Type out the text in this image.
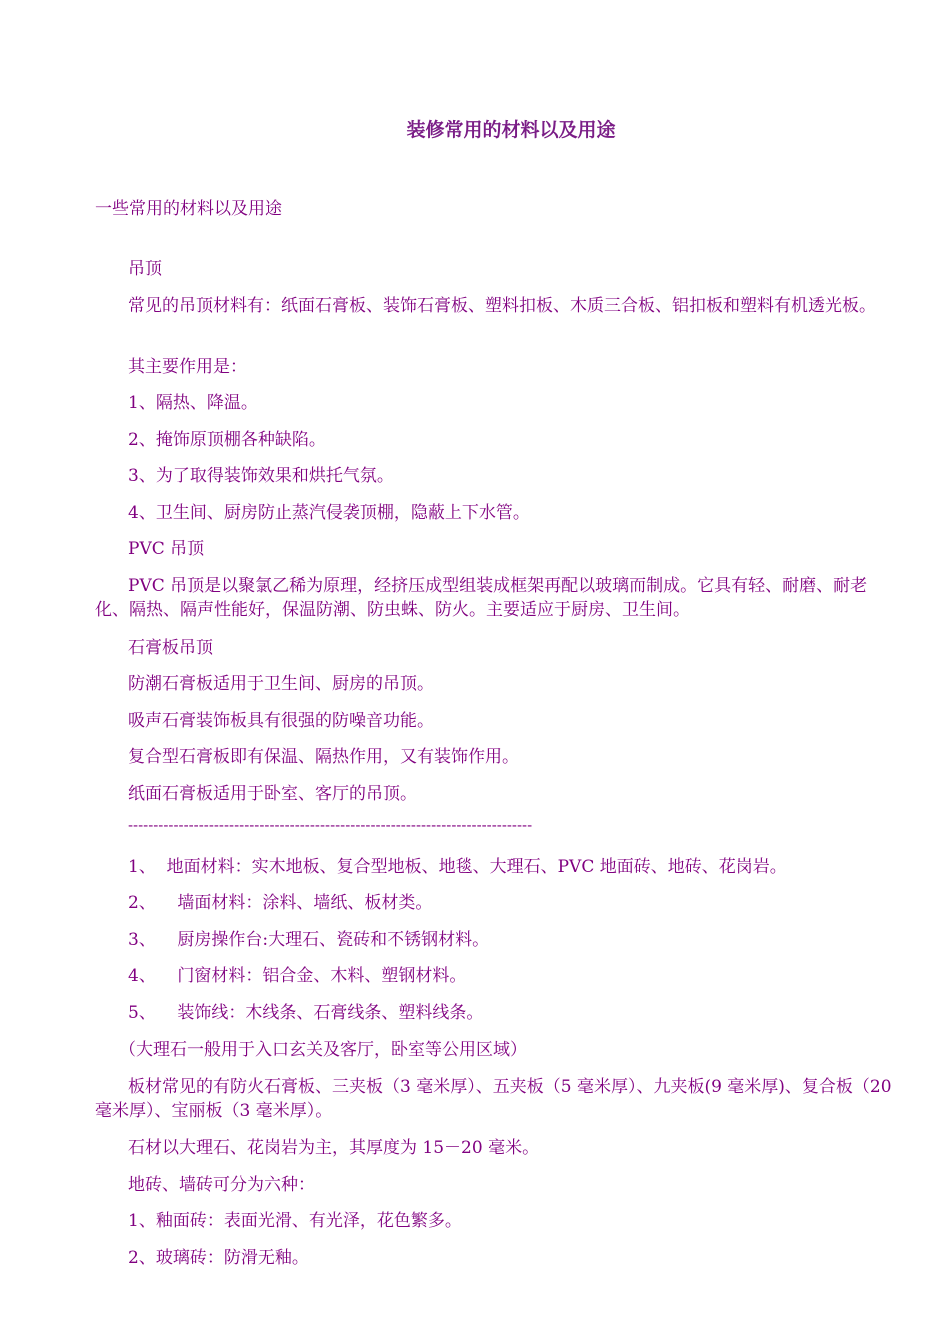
装修常用的材料以及用途
一些常用的材料以及用途
吊顶
常见的吊顶材料有：纸面石膏板、装饰石膏板、塑料扣板、木质三合板、铝扣板和塑料有机透光板。
其主要作用是：
1、隔热、降温。
2、掩饰原顶棚各种缺陷。
3、为了取得装饰效果和烘托气氛。
4、卫生间、厨房防止蒸汽侵袭顶棚，隐蔽上下水管。
PVC 吊顶
PVC 吊顶是以聚氯乙稀为原理，经挤压成型组装成框架再配以玻璃而制成。它具有轻、耐磨、耐老化、隔热、隔声性能好，保温防潮、防虫蛛、防火。主要适应于厨房、卫生间。
石膏板吊顶
防潮石膏板适用于卫生间、厨房的吊顶。
吸声石膏装饰板具有很强的防噪音功能。
复合型石膏板即有保温、隔热作用，又有装饰作用。
纸面石膏板适用于卧室、客厅的吊顶。
--------------------------------------------------------------------------------
1、  地面材料：实木地板、复合型地板、地毯、大理石、PVC 地面砖、地砖、花岗岩。
2、    墙面材料：涂料、墙纸、板材类。
3、    厨房操作台:大理石、瓷砖和不锈钢材料。
4、    门窗材料：铝合金、木料、塑钢材料。
5、    装饰线：木线条、石膏线条、塑料线条。
（大理石一般用于入口玄关及客厅，卧室等公用区域）
板材常见的有防火石膏板、三夹板（3 毫米厚）、五夹板（5 毫米厚）、九夹板(9 毫米厚)、复合板（20 毫米厚）、宝丽板（3 毫米厚）。
石材以大理石、花岗岩为主，其厚度为 15－20 毫米。
地砖、墙砖可分为六种：
1、釉面砖：表面光滑、有光泽，花色繁多。
2、玻璃砖：防滑无釉。
